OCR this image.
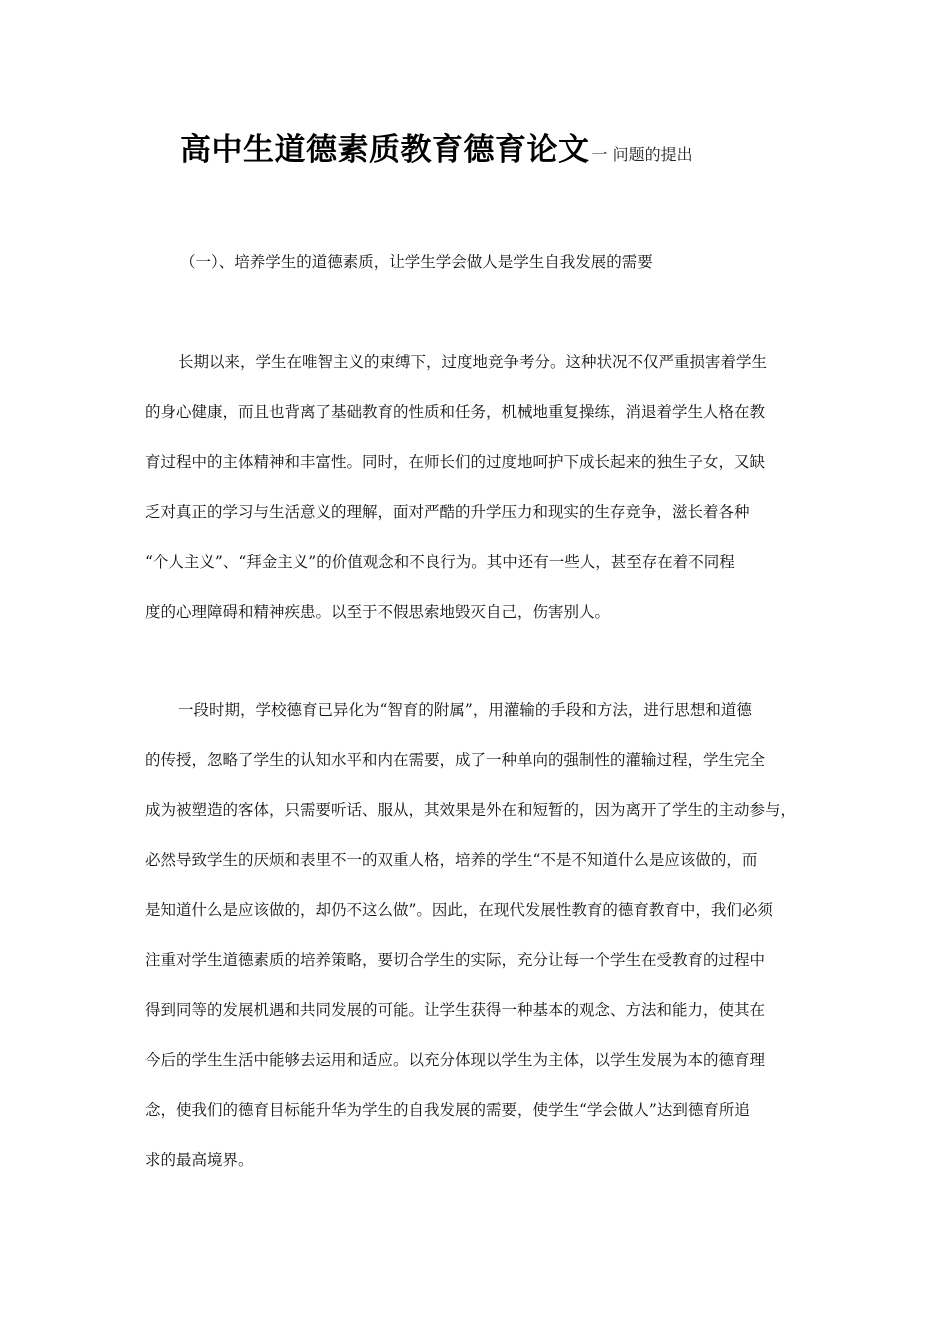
高中生道德素质教育德育论文 一 问题的提出
（一）、培养学生的道德素质，让学生学会做人是学生自我发展的需要
长期以来，学生在唯智主义的束缚下，过度地竞争考分。这种状况不仅严重损害着学生
的身心健康，而且也背离了基础教育的性质和任务，机械地重复操练，消退着学生人格在教
育过程中的主体精神和丰富性。同时，在师长们的过度地呵护下成长起来的独生子女，又缺
乏对真正的学习与生活意义的理解，面对严酷的升学压力和现实的生存竞争，滋长着各种
“个人主义”、“拜金主义”的价值观念和不良行为。其中还有一些人，甚至存在着不同程
度的心理障碍和精神疾患。以至于不假思索地毁灭自己，伤害别人。
一段时期，学校德育已异化为“智育的附属”，用灌输的手段和方法，进行思想和道德
的传授，忽略了学生的认知水平和内在需要，成了一种单向的强制性的灌输过程，学生完全
成为被塑造的客体，只需要听话、服从，其效果是外在和短暂的，因为离开了学生的主动参与，
必然导致学生的厌烦和表里不一的双重人格，培养的学生“不是不知道什么是应该做的，而
是知道什么是应该做的，却仍不这么做”。因此，在现代发展性教育的德育教育中，我们必须
注重对学生道德素质的培养策略，要切合学生的实际，充分让每一个学生在受教育的过程中
得到同等的发展机遇和共同发展的可能。让学生获得一种基本的观念、方法和能力，使其在
今后的学生生活中能够去运用和适应。以充分体现以学生为主体，以学生发展为本的德育理
念，使我们的德育目标能升华为学生的自我发展的需要，使学生“学会做人”达到德育所追
求的最高境界。
